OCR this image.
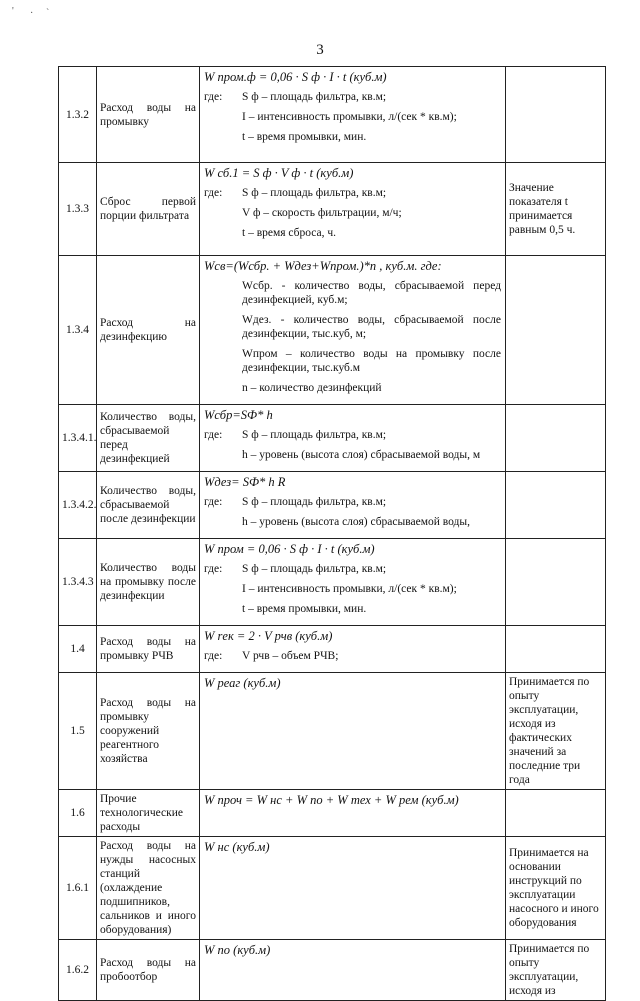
3
' · `
1.3.2	Расход воды на промывку	W пром.ф = 0,06 · S ф · I · t (куб.м)
где: S ф – площадь фильтра, кв.м;
I – интенсивность промывки, л/(сек * кв.м);
t – время промывки, мин.	

1.3.3	Сброс первой порции фильтрата	W сб.1 = S ф · V ф · t (куб.м)
где: S ф – площадь фильтра, кв.м;
V ф – скорость фильтрации, м/ч;
t – время сброса, ч.	Значение показателя t принимается равным 0,5 ч.
1.3.4	Расход на дезинфекцию	Wсв=(Wсбр. + Wдез+Wпром.)*n , куб.м. где:
Wсбр. - количество воды, сбрасываемой перед дезинфекцией, куб.м;
Wдез. - количество воды, сбрасываемой после дезинфекции, тыс.куб, м;
Wпром – количество воды на промывку после дезинфекции, тыс.куб.м
n – количество дезинфекций	

1.3.4.1.	Количество воды, сбрасываемой перед дезинфекцией	Wсбр=SФ* h
где: S ф – площадь фильтра, кв.м;
h – уровень (высота слоя) сбрасываемой воды, м	

1.3.4.2.	Количество воды, сбрасываемой после дезинфекции	Wдез= SФ* h R
где: S ф – площадь фильтра, кв.м;
h – уровень (высота слоя) сбрасываемой воды,	

1.3.4.3	Количество воды на промывку после дезинфекции	W пром = 0,06 · S ф · I · t (куб.м)
где: S ф – площадь фильтра, кв.м;
I – интенсивность промывки, л/(сек * кв.м);
t – время промывки, мин.	

1.4	Расход воды на промывку РЧВ	W rек = 2 · V рчв (куб.м)
где: V рчв – объем РЧВ;	

1.5	Расход воды на промывку сооружений реагентного хозяйства	W реаг (куб.м)	Принимается по опыту эксплуатации, исходя из фактических значений за последние три года
1.6	Прочие технологические расходы	W проч = W нс + W по + W тех + W рем (куб.м)	

1.6.1	Расход воды на нужды насосных станций (охлаждение подшипников, сальников и иного оборудования)	W нс (куб.м)	Принимается на основании инструкций по эксплуатации насосного и иного оборудования
1.6.2	Расход воды на пробоотбор	W по (куб.м)	Принимается по опыту эксплуатации, исходя из
